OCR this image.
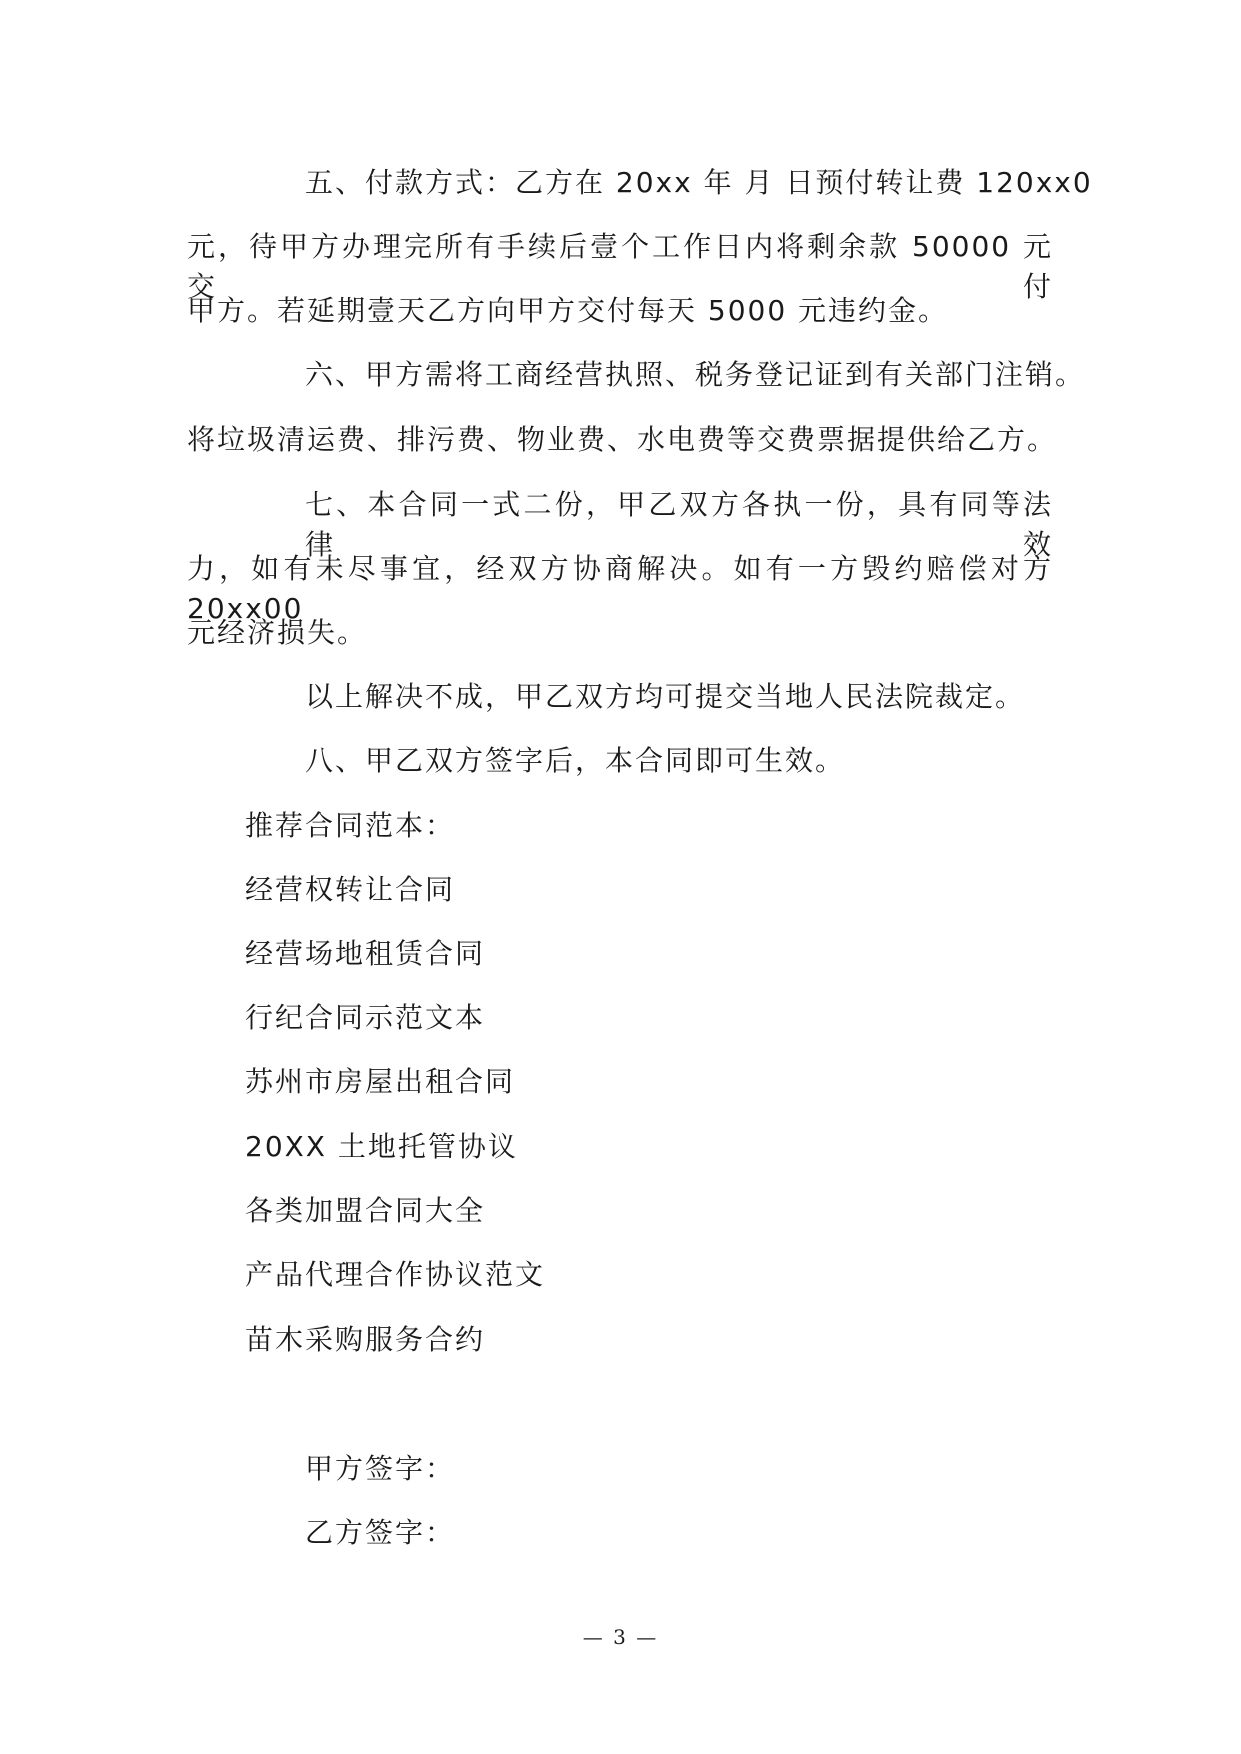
五、付款方式：乙方在 20xx 年 月 日预付转让费 120xx0
元，待甲方办理完所有手续后壹个工作日内将剩余款 50000 元交付
甲方。若延期壹天乙方向甲方交付每天 5000 元违约金。
六、甲方需将工商经营执照、税务登记证到有关部门注销。
将垃圾清运费、排污费、物业费、水电费等交费票据提供给乙方。
七、本合同一式二份，甲乙双方各执一份，具有同等法律效
力，如有未尽事宜，经双方协商解决。如有一方毁约赔偿对方 20xx00
元经济损失。
以上解决不成，甲乙双方均可提交当地人民法院裁定。
八、甲乙双方签字后，本合同即可生效。
推荐合同范本：
经营权转让合同
经营场地租赁合同
行纪合同示范文本
苏州市房屋出租合同
20XX 土地托管协议
各类加盟合同大全
产品代理合作协议范文
苗木采购服务合约
甲方签字：
乙方签字：
— 3 —
